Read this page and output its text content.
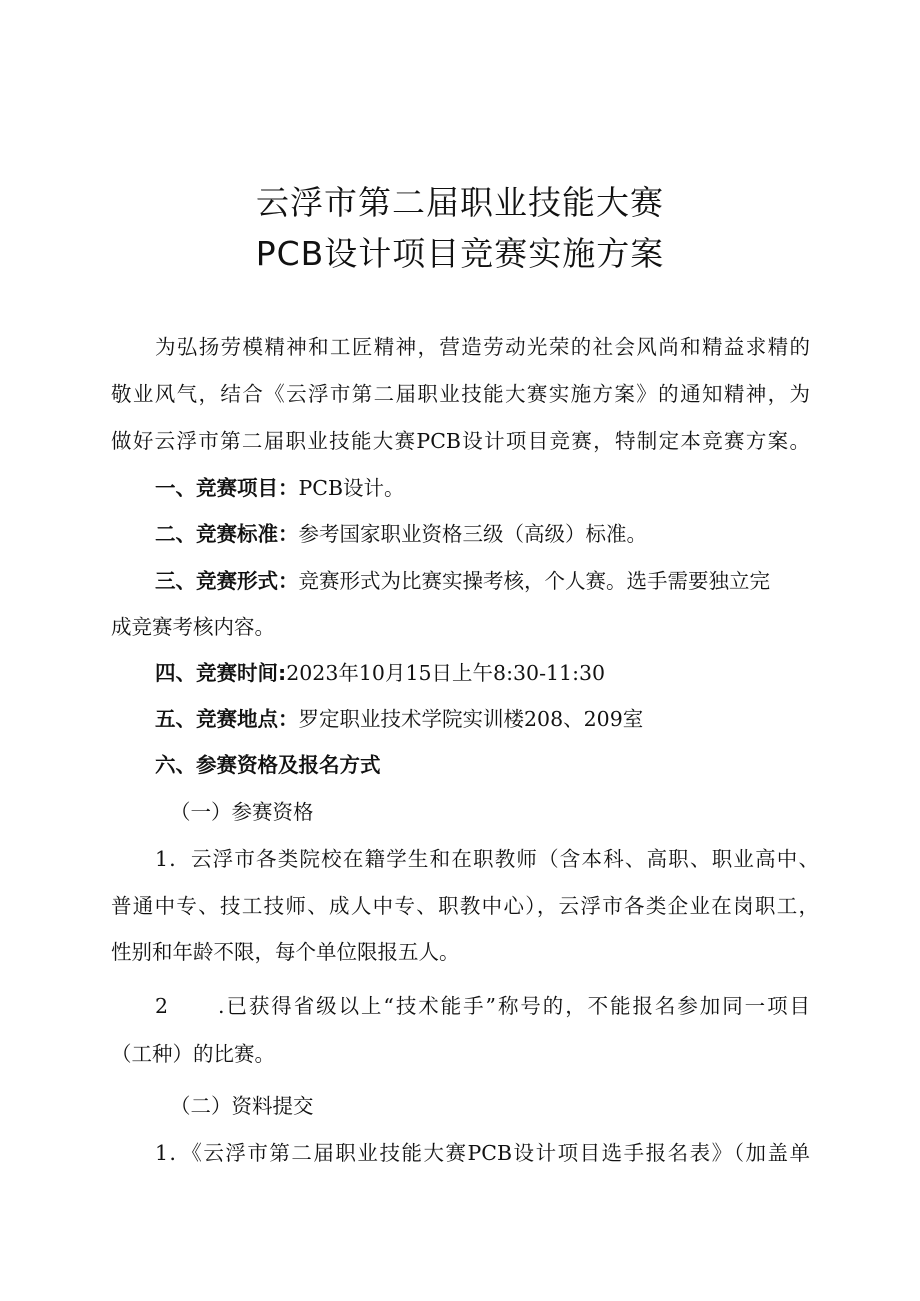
云浮市第二届职业技能大赛
PCB设计项目竞赛实施方案
为弘扬劳模精神和工匠精神，营造劳动光荣的社会风尚和精益求精的
敬业风气，结合《云浮市第二届职业技能大赛实施方案》的通知精神，为
做好云浮市第二届职业技能大赛PCB设计项目竞赛，特制定本竞赛方案。
一、竞赛项目：PCB设计。
二、竞赛标准：参考国家职业资格三级（高级）标准。
三、竞赛形式：竞赛形式为比赛实操考核，个人赛。选手需要独立完
成竞赛考核内容。
四、竞赛时间:2023年10月15日上午8:30-11:30
五、竞赛地点：罗定职业技术学院实训楼208、209室
六、参赛资格及报名方式
（一）参赛资格
1．云浮市各类院校在籍学生和在职教师（含本科、高职、职业高中、
普通中专、技工技师、成人中专、职教中心），云浮市各类企业在岗职工，
性别和年龄不限，每个单位限报五人。
2 .已获得省级以上“技术能手”称号的，不能报名参加同一项目
（工种）的比赛。
（二）资料提交
1．《云浮市第二届职业技能大赛PCB设计项目选手报名表》（加盖单
